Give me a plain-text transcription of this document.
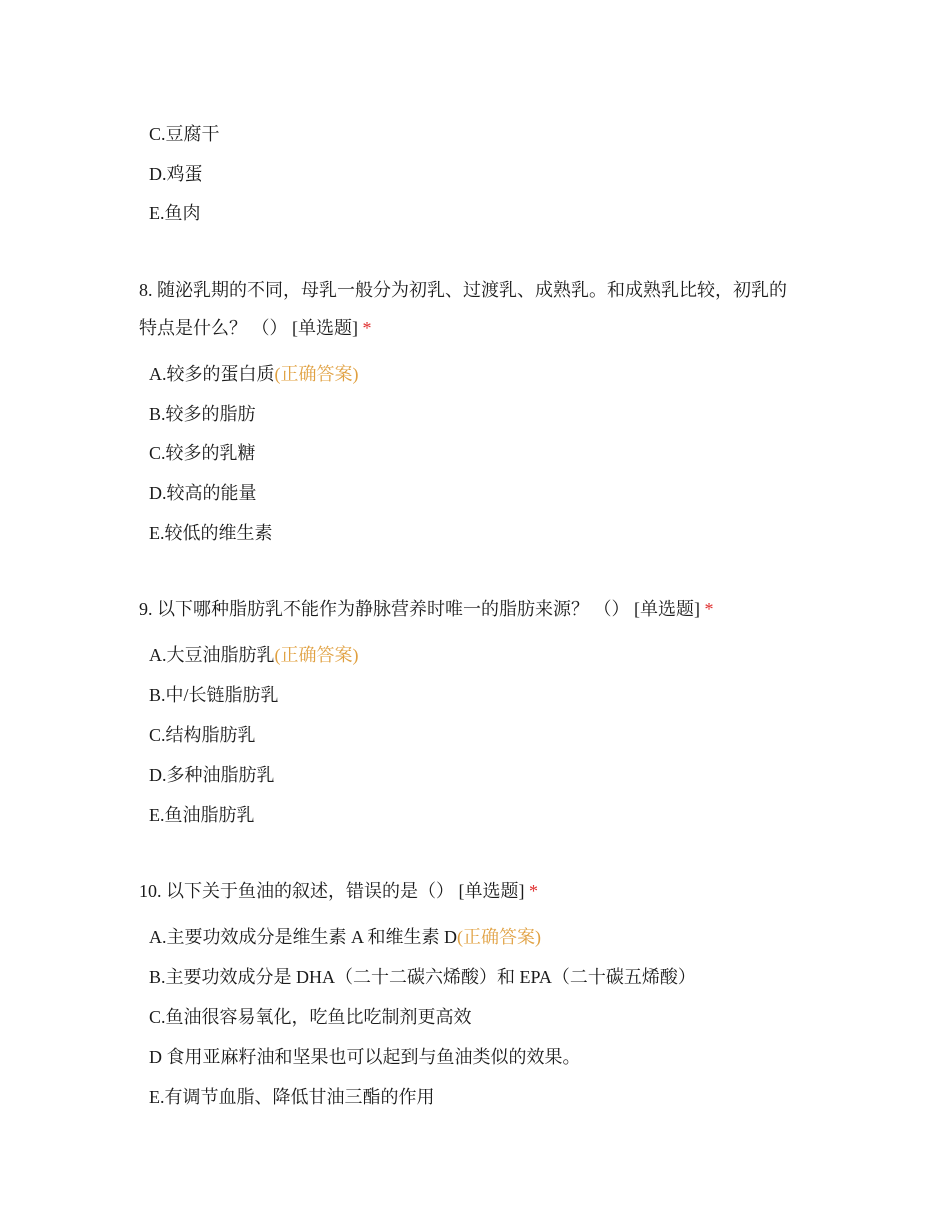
C.豆腐干
D.鸡蛋
E.鱼肉
8. 随泌乳期的不同，母乳一般分为初乳、过渡乳、成熟乳。和成熟乳比较，初乳的
特点是什么？ （） [单选题] *
A.较多的蛋白质(正确答案)
B.较多的脂肪
C.较多的乳糖
D.较高的能量
E.较低的维生素
9. 以下哪种脂肪乳不能作为静脉营养时唯一的脂肪来源？ （） [单选题] *
A.大豆油脂肪乳(正确答案)
B.中/长链脂肪乳
C.结构脂肪乳
D.多种油脂肪乳
E.鱼油脂肪乳
10. 以下关于鱼油的叙述，错误的是（） [单选题] *
A.主要功效成分是维生素 A 和维生素 D(正确答案)
B.主要功效成分是 DHA（二十二碳六烯酸）和 EPA（二十碳五烯酸）
C.鱼油很容易氧化，吃鱼比吃制剂更高效
D 食用亚麻籽油和坚果也可以起到与鱼油类似的效果。
E.有调节血脂、降低甘油三酯的作用
